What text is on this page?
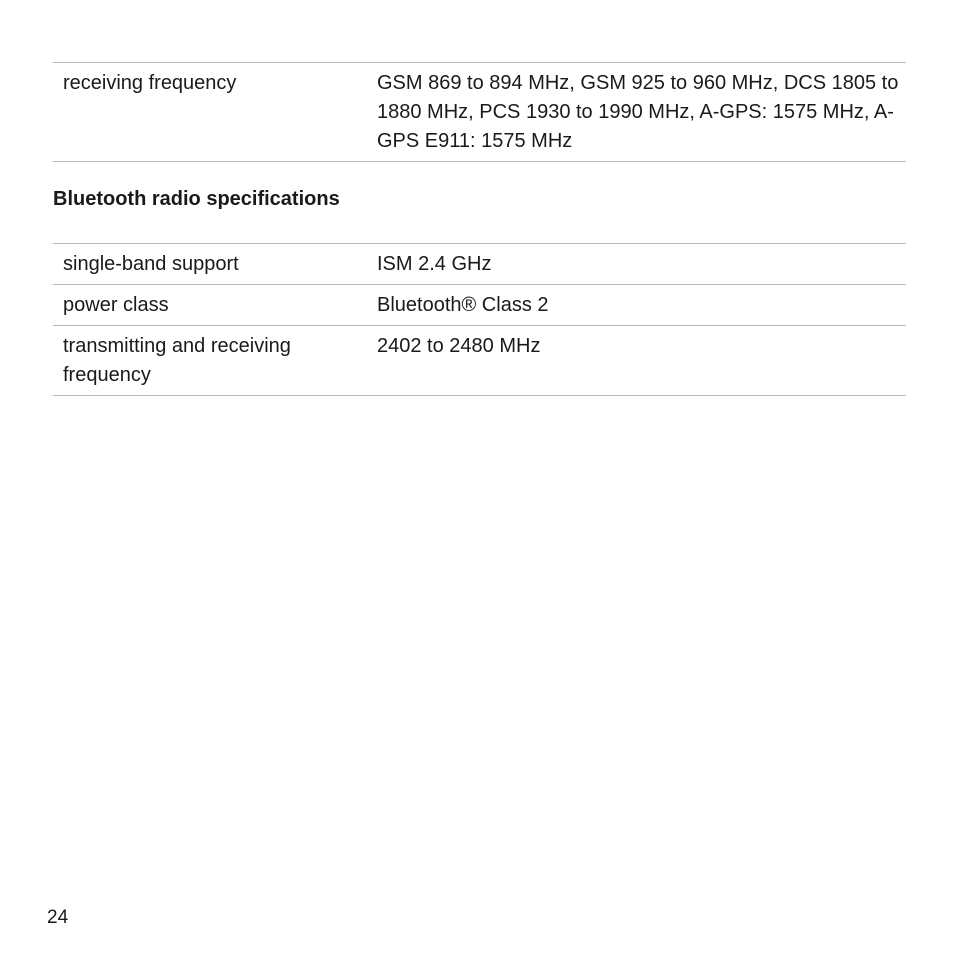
receiving frequency	GSM 869 to 894 MHz, GSM 925 to 960 MHz, DCS 1805 to 1880 MHz, PCS 1930 to 1990 MHz, A-GPS: 1575 MHz, A-GPS E911: 1575 MHz
Bluetooth radio specifications
single-band support	ISM 2.4 GHz
power class	Bluetooth® Class 2
transmitting and receiving frequency	2402 to 2480 MHz
24
